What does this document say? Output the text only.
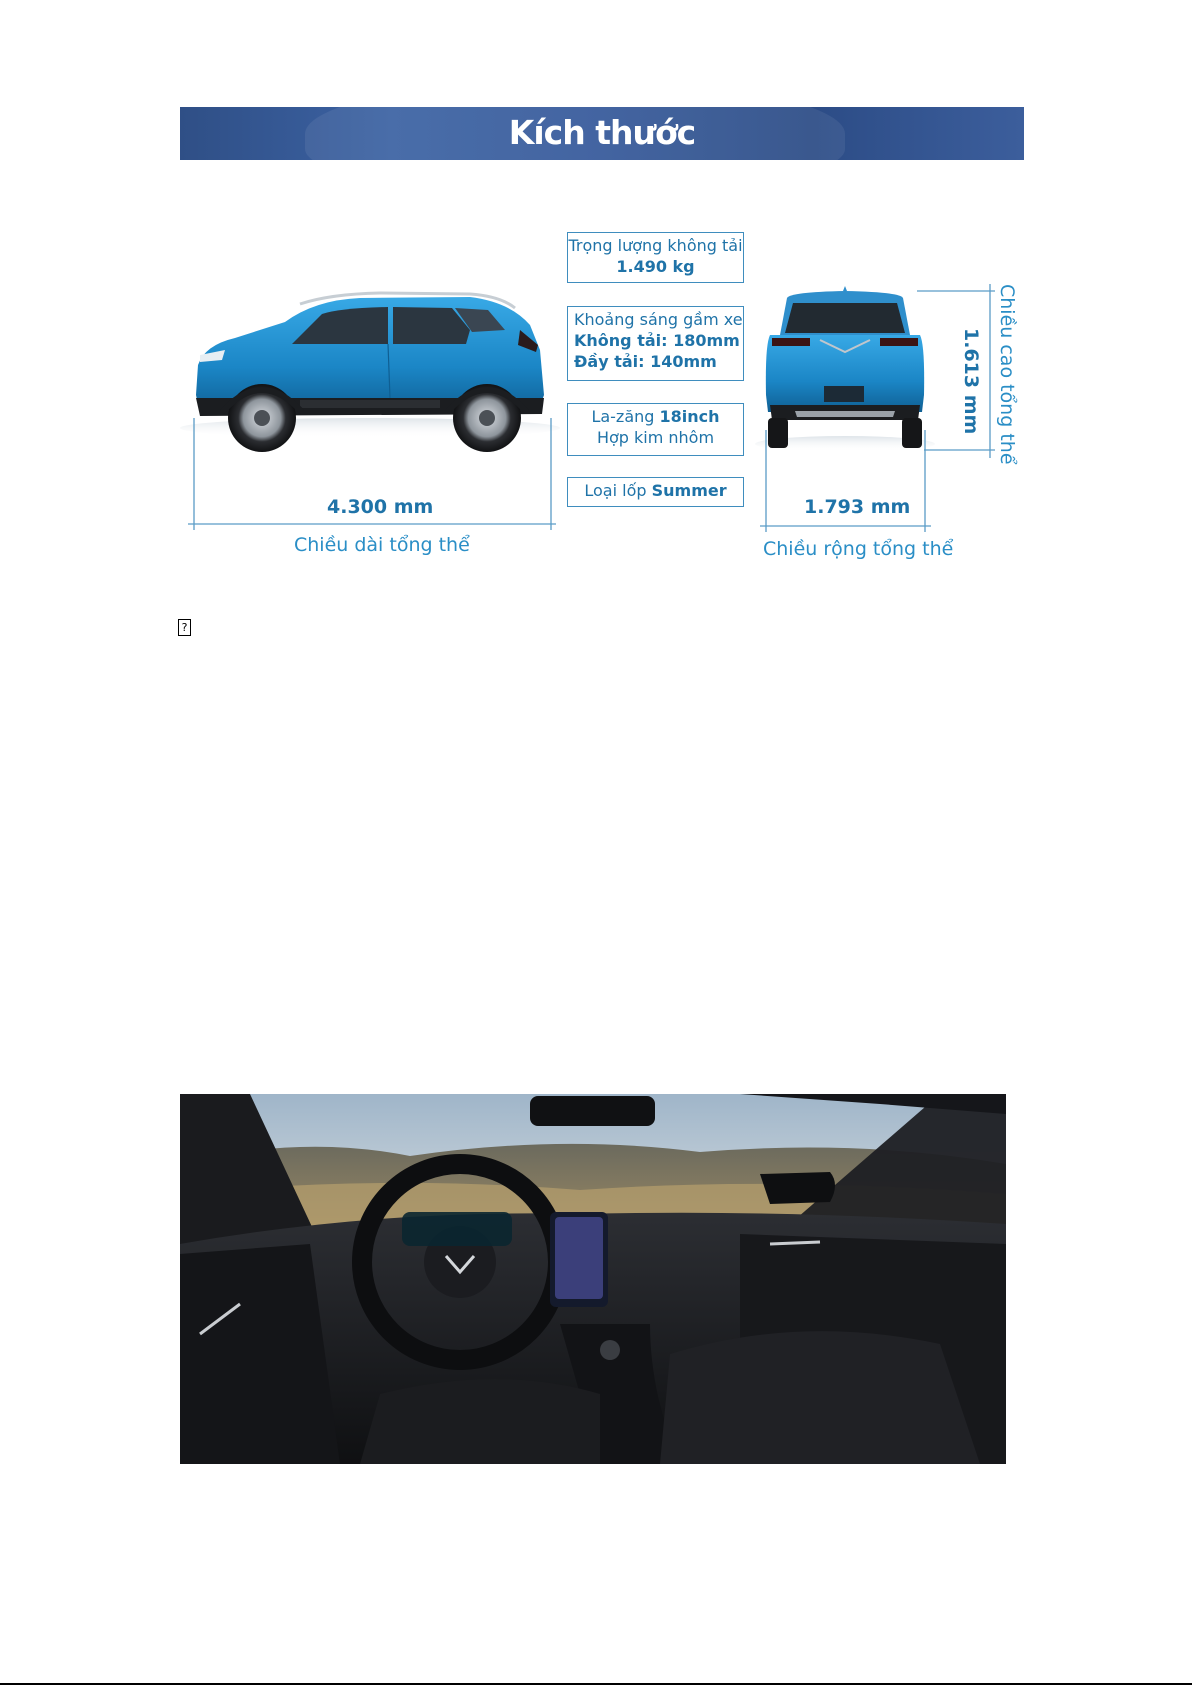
Kích thước
Trọng lượng không tải
1.490 kg
Khoảng sáng gầm xe
Không tải: 180mm
Đầy tải: 140mm
La-zăng 18inch
Hợp kim nhôm
Loại lốp Summer
4.300 mm
Chiều dài tổng thể
1.793 mm
Chiều rộng tổng thể
1.613 mm Chiều cao tổng thể
?
